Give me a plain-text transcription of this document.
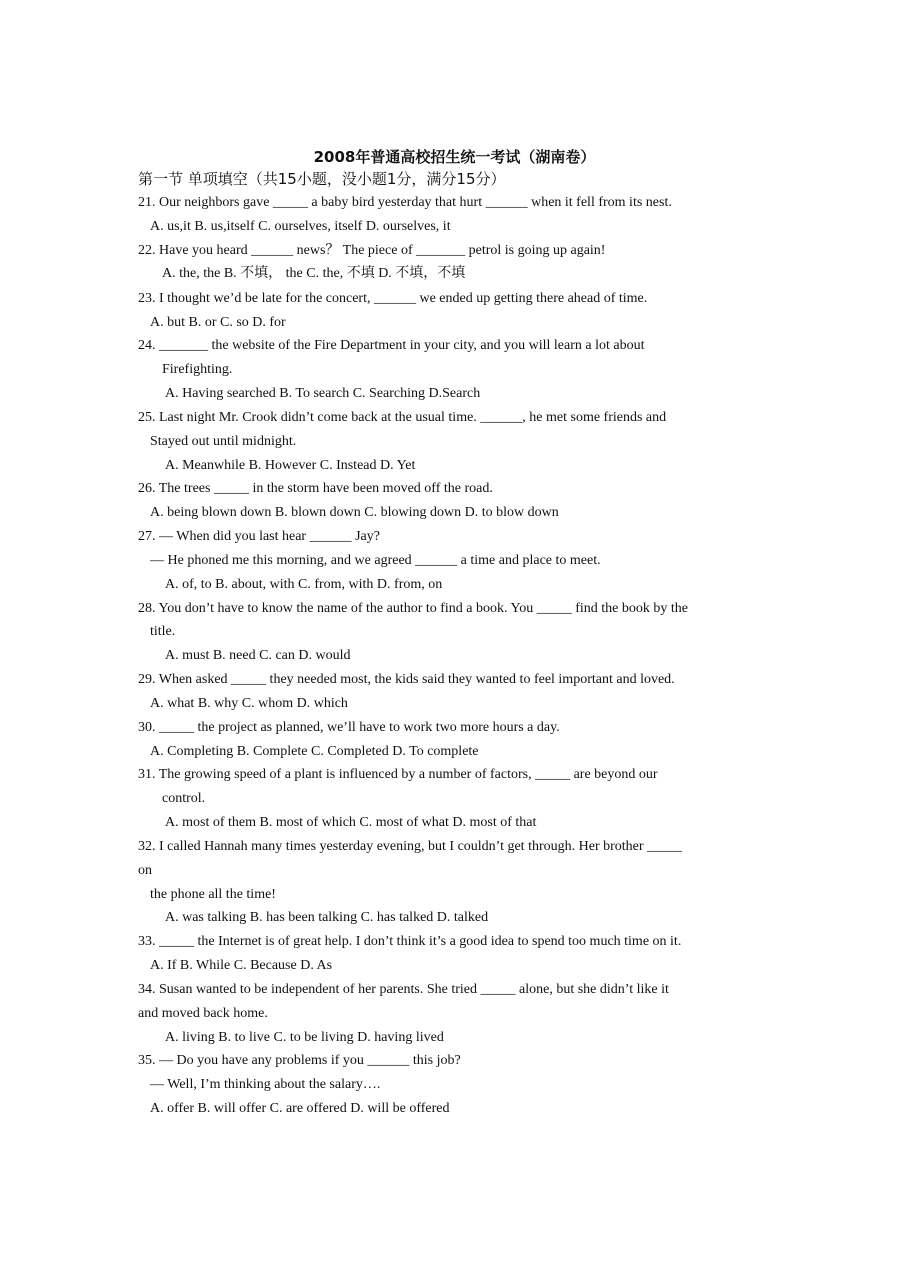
2008年普通高校招生统一考试（湖南卷）
第一节 单项填空（共15小题，没小题1分，满分15分）
21. Our neighbors gave _____ a baby bird yesterday that hurt ______ when it fell from its nest.
A. us,it B. us,itself C. ourselves, itself D. ourselves, it
22. Have you heard ______ news？ The piece of _______ petrol is going up again!
A. the, the B. 不填， the C. the, 不填 D. 不填，不填
23. I thought we’d be late for the concert, ______ we ended up getting there ahead of time.
A. but B. or C. so D. for
24. _______ the website of the Fire Department in your city, and you will learn a lot about
Firefighting.
A. Having searched B. To search C. Searching D.Search
25. Last night Mr. Crook didn’t come back at the usual time. ______, he met some friends and
Stayed out until midnight.
A. Meanwhile B. However C. Instead D. Yet
26. The trees _____ in the storm have been moved off the road.
A. being blown down B. blown down C. blowing down D. to blow down
27. — When did you last hear ______ Jay?
— He phoned me this morning, and we agreed ______ a time and place to meet.
A. of, to B. about, with C. from, with D. from, on
28. You don’t have to know the name of the author to find a book. You _____ find the book by the
title.
A. must B. need C. can D. would
29. When asked _____ they needed most, the kids said they wanted to feel important and loved.
A. what B. why C. whom D. which
30. _____ the project as planned, we’ll have to work two more hours a day.
A. Completing B. Complete C. Completed D. To complete
31. The growing speed of a plant is influenced by a number of factors, _____ are beyond our
control.
A. most of them B. most of which C. most of what D. most of that
32. I called Hannah many times yesterday evening, but I couldn’t get through. Her brother _____
on
the phone all the time!
A. was talking B. has been talking C. has talked D. talked
33. _____ the Internet is of great help. I don’t think it’s a good idea to spend too much time on it.
A. If B. While C. Because D. As
34. Susan wanted to be independent of her parents. She tried _____ alone, but she didn’t like it
and moved back home.
A. living B. to live C. to be living D. having lived
35. — Do you have any problems if you ______ this job?
— Well, I’m thinking about the salary….
A. offer B. will offer C. are offered D. will be offered
